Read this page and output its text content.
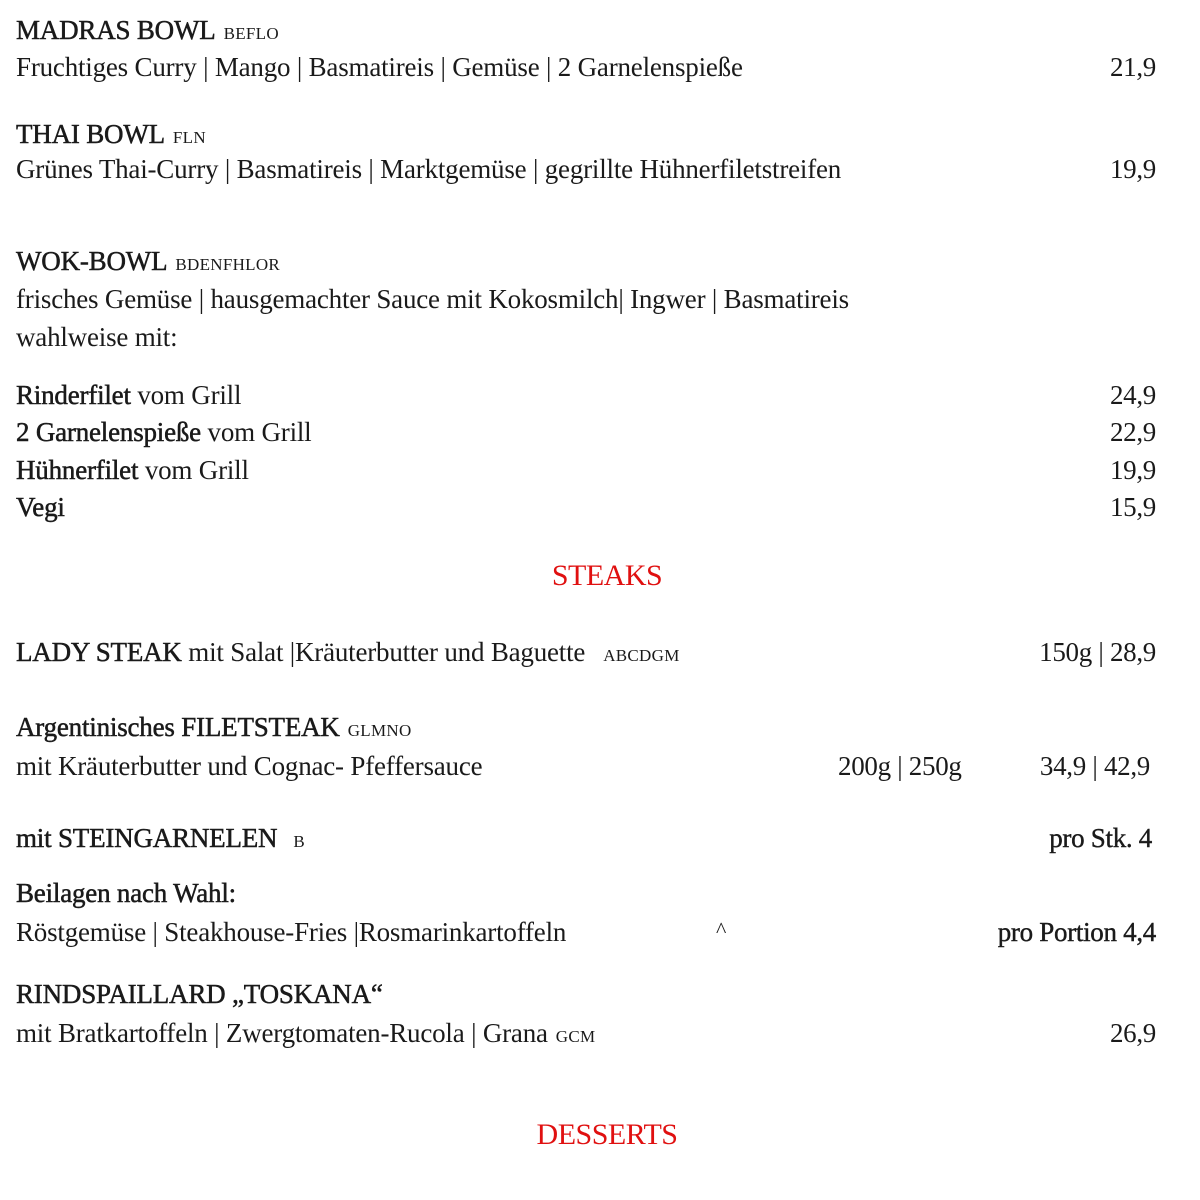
MADRAS BOWL BEFLO
Fruchtiges Curry | Mango | Basmatireis | Gemüse | 2 Garnelenspieße	21,9
THAI BOWL FLN
Grünes Thai-Curry | Basmatireis | Marktgemüse | gegrillte Hühnerfiletstreifen	19,9
WOK-BOWL BDENFHLOR
frisches Gemüse | hausgemachter Sauce mit Kokosmilch| Ingwer | Basmatireis
wahlweise mit:
Rinderfilet vom Grill	24,9
2 Garnelenspieße vom Grill	22,9
Hühnerfilet vom Grill	19,9
Vegi	15,9
STEAKS
LADY STEAK mit Salat |Kräuterbutter und Baguette ABCDGM	150g | 28,9
Argentinisches FILETSTEAK GLMNO
mit Kräuterbutter und Cognac- Pfeffersauce	200g | 250g	34,9 | 42,9
mit STEINGARNELEN B	pro Stk. 4
Beilagen nach Wahl:
Röstgemüse | Steakhouse-Fries |Rosmarinkartoffeln	^	pro Portion 4,4
RINDSPAILLARD „TOSKANA“
mit Bratkartoffeln | Zwergtomaten-Rucola | Grana GCM	26,9
DESSERTS
